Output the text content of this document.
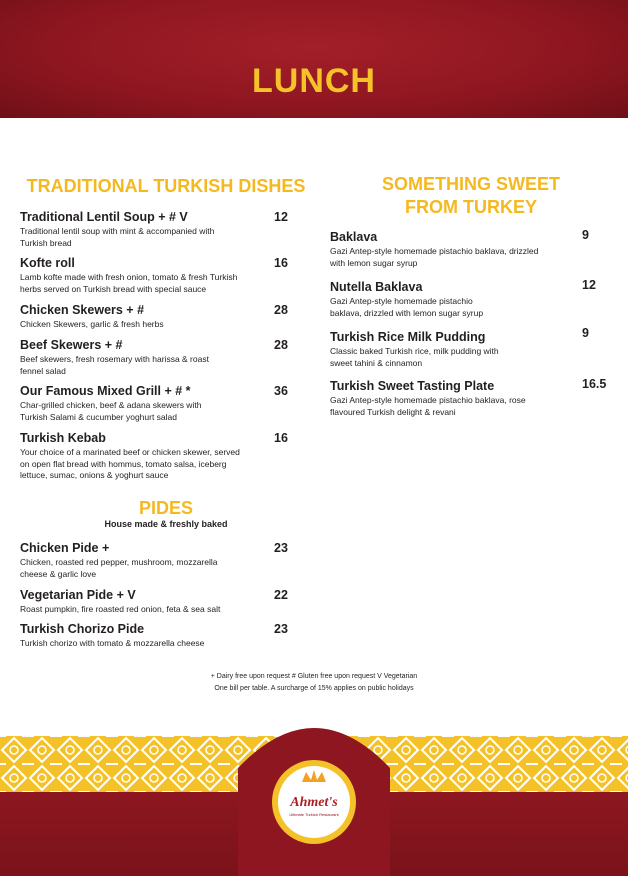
LUNCH
TRADITIONAL TURKISH DISHES
Traditional Lentil Soup + # V
Traditional lentil soup with mint & accompanied with
Turkish bread
12
Kofte roll
Lamb kofte made with fresh onion, tomato & fresh Turkish
herbs served on Turkish bread with special sauce
16
Chicken Skewers + #
Chicken Skewers, garlic & fresh herbs
28
Beef Skewers + #
Beef skewers, fresh rosemary with harissa & roast
fennel salad
28
Our Famous Mixed Grill + # *
Char-grilled chicken, beef & adana skewers with
Turkish Salami & cucumber yoghurt salad
36
Turkish Kebab
Your choice of a marinated beef or chicken skewer, served
on open flat bread with hommus, tomato salsa, iceberg
lettuce, sumac, onions & yoghurt sauce
16
PIDES
House made & freshly baked
Chicken Pide +
Chicken, roasted red pepper, mushroom, mozzarella
cheese & garlic love
23
Vegetarian Pide + V
Roast pumpkin, fire roasted red onion, feta & sea salt
22
Turkish Chorizo Pide
Turkish chorizo with tomato & mozzarella cheese
23
SOMETHING SWEET
FROM TURKEY
Baklava
Gazi Antep-style homemade pistachio baklava, drizzled
with lemon sugar syrup
9
Nutella Baklava
Gazi Antep-style homemade pistachio
baklava, drizzled with lemon sugar syrup
12
Turkish Rice Milk Pudding
Classic baked Turkish rice, milk pudding with
sweet tahini & cinnamon
9
Turkish Sweet Tasting Plate
Gazi Antep-style homemade pistachio baklava, rose
flavoured Turkish delight & revani
16.5
+ Dairy free upon request # Gluten free upon request V Vegetarian
One bill per table. A surcharge of 15% applies on public holidays
Ahmet's
Ultimate Turkish Restaurant
